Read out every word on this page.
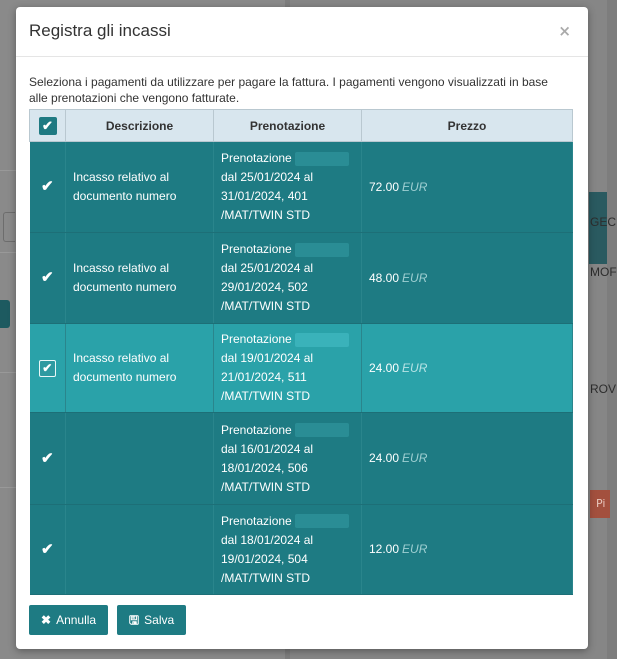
GEC
MOF
ROV
Pi
Registra gli incassi	×
Seleziona i pagamenti da utilizzare per pagare la fattura. I pagamenti vengono visualizzati in base alle prenotazioni che vengono fatturate.
✔	Descrizione	Prenotazione	Prezzo
✔	Incasso relativo al documento numero	Prenotazione
dal 25/01/2024 al
31/01/2024, 401
/MAT/TWIN STD	72.00 EUR
✔	Incasso relativo al documento numero	Prenotazione
dal 25/01/2024 al
29/01/2024, 502
/MAT/TWIN STD	48.00 EUR
✔	Incasso relativo al documento numero	Prenotazione
dal 19/01/2024 al
21/01/2024, 511
/MAT/TWIN STD	24.00 EUR
✔		Prenotazione
dal 16/01/2024 al
18/01/2024, 506
/MAT/TWIN STD	24.00 EUR
✔		Prenotazione
dal 18/01/2024 al
19/01/2024, 504
/MAT/TWIN STD	12.00 EUR
✖ Annulla	🖫 Salva
